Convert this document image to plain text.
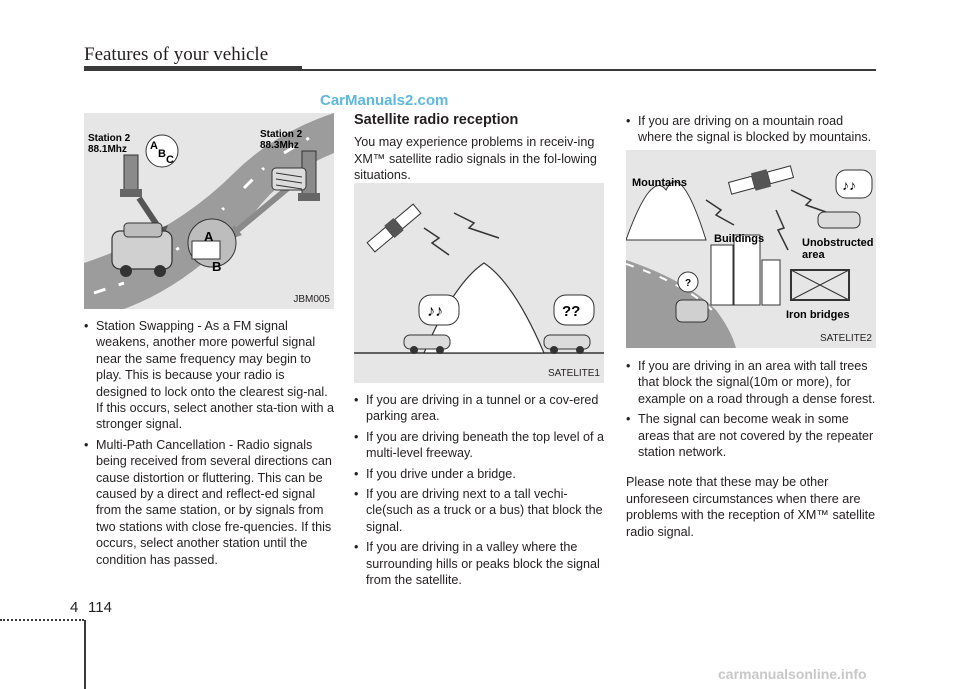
Features of your vehicle
CarManuals2.com
Station 2
88.1Mhz
Station 2
88.3Mhz
A
B C
A
B
JBM005
• Station Swapping - As a FM signal weakens, another more powerful signal near the same frequency may begin to play. This is because your radio is designed to lock onto the clearest sig-nal. If this occurs, select another sta-tion with a stronger signal.
• Multi-Path Cancellation - Radio signals being received from several directions can cause distortion or fluttering. This can be caused by a direct and reflect-ed signal from the same station, or by signals from two stations with close fre-quencies. If this occurs, select another station until the condition has passed.
Satellite radio reception

You may experience problems in receiv-ing XM™ satellite radio signals in the fol-lowing situations.

♪♪	??
SATELITE1
• If you are driving in a tunnel or a cov-ered parking area.
• If you are driving beneath the top level of a multi-level freeway.
• If you drive under a bridge.
• If you are driving next to a tall vechi-cle(such as a truck or a bus) that block the signal.
• If you are driving in a valley where the surrounding hills or peaks block the signal from the satellite.
• If you are driving on a mountain road where the signal is blocked by mountains.
♪♪
?
Mountains
Buildings	Unobstructed
area
Iron bridges
SATELITE2
• If you are driving in an area with tall trees that block the signal(10m or more), for example on a road through a dense forest.
• The signal can become weak in some areas that are not covered by the repeater station network.

Please note that these may be other unforeseen circumstances when there are problems with the reception of XM™ satellite radio signal.

4 114
carmanualsonline.info
